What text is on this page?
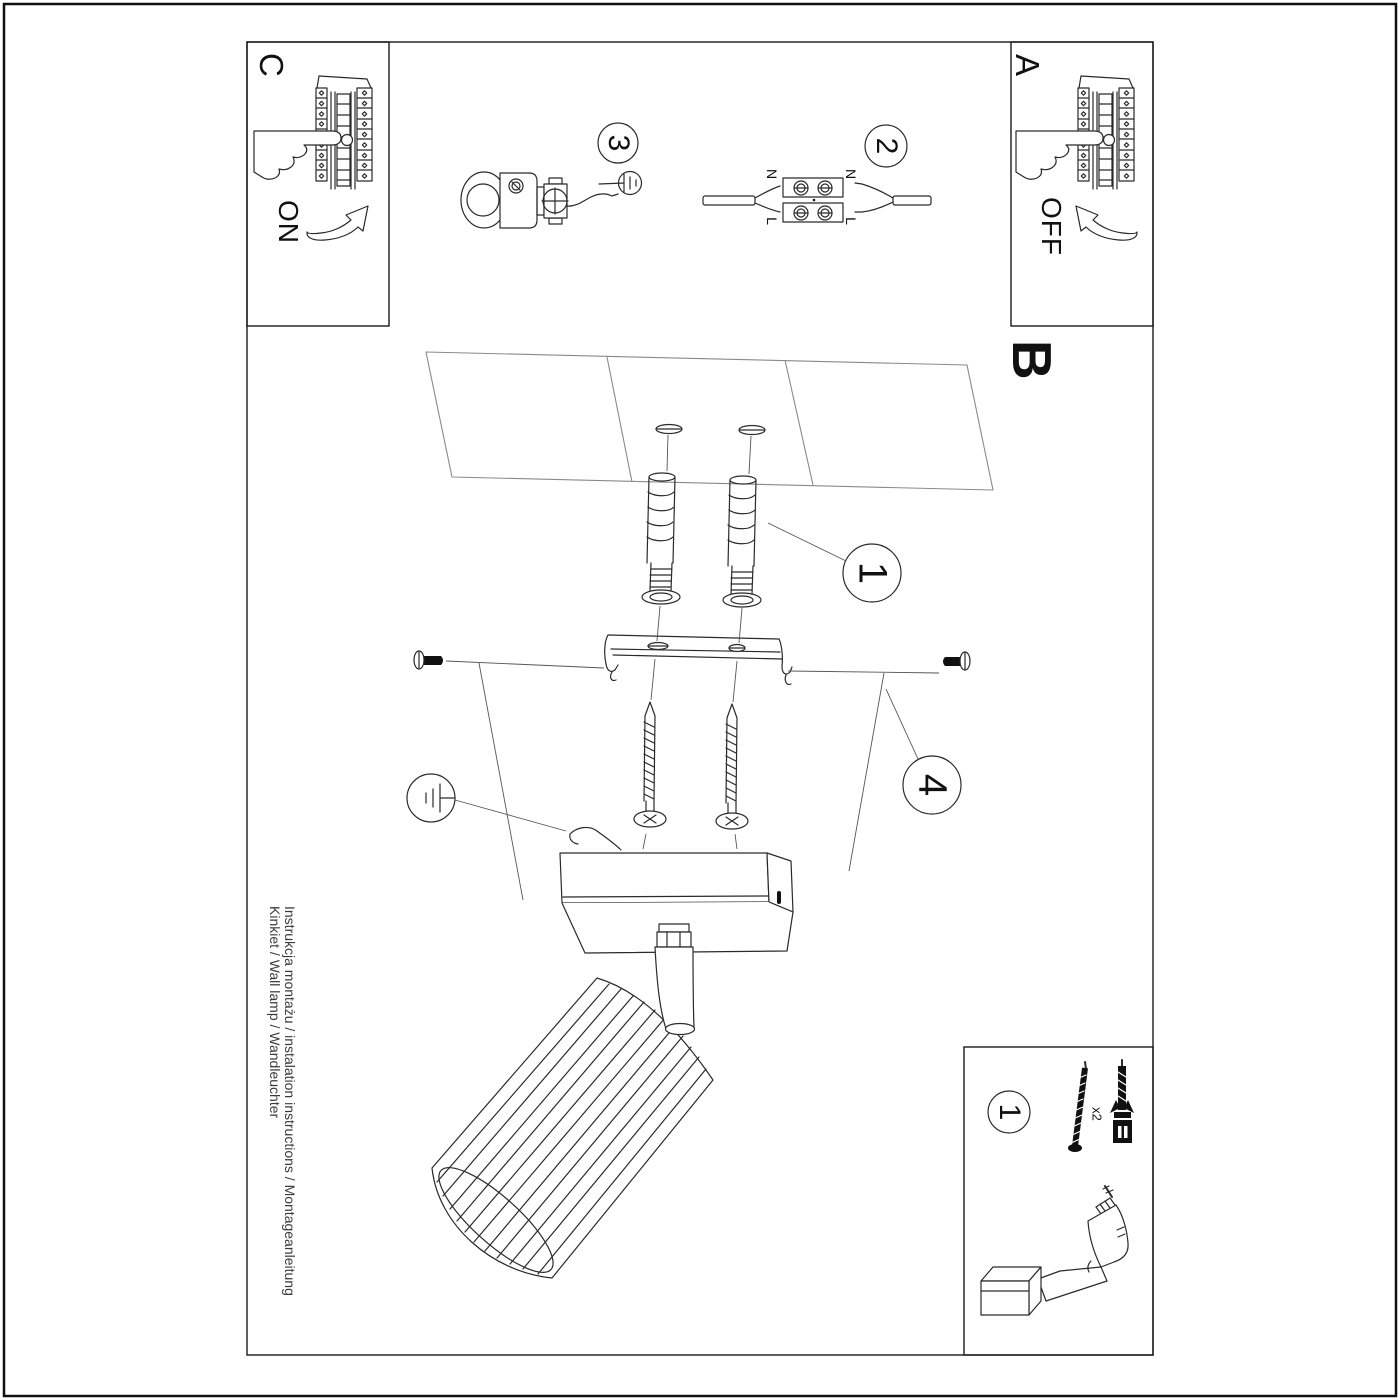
C
ON
A
OFF
B
3	2
1
4
1	x2
N	N
L	L
Instrukcja montażu / instalation instructions / Montageanleitung
Kinkiet / Wall lamp / Wandleuchter
